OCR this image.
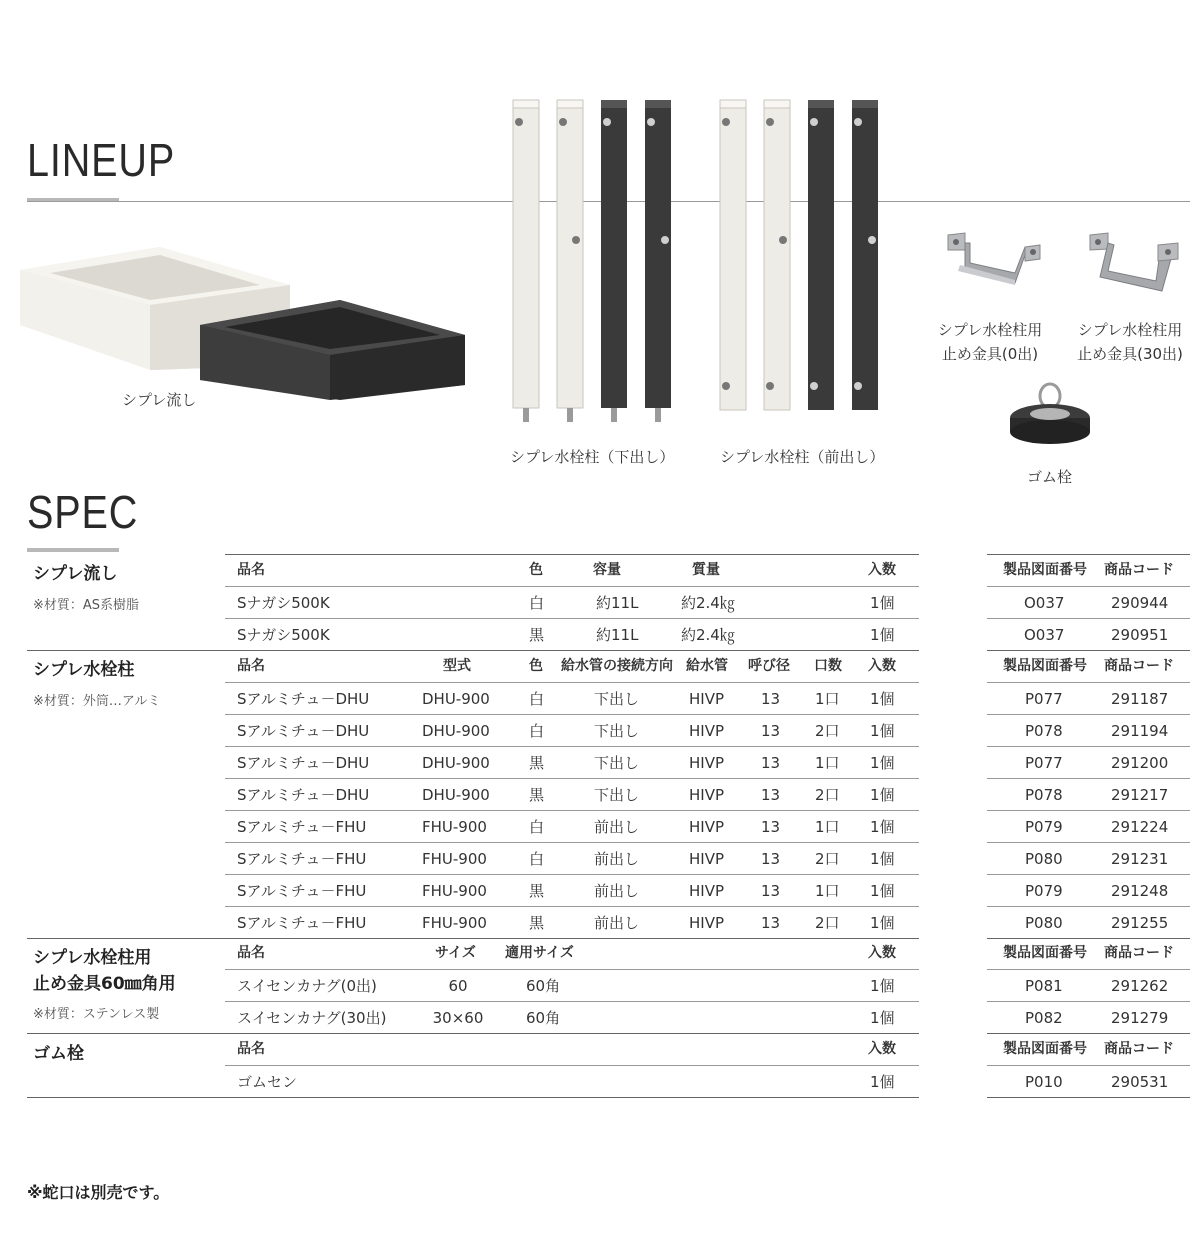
LINEUP
シプレ流し
シプレ水栓柱（下出し）	シプレ水栓柱（前出し）
シプレ水栓柱用
止め金具(0出)
シプレ水栓柱用
止め金具(30出)
ゴム栓
SPEC
シプレ流し
※材質：AS系樹脂
品名	色	容量	質量	入数	製品図面番号 商品コード
Sナガシ500K	白	約11L	約2.4㎏	1個	O037	290944
Sナガシ500K	黒	約11L	約2.4㎏	1個	O037	290951
シプレ水栓柱
※材質：外筒…アルミ
品名	型式	色 給水管の接続方向 給水管 呼び径 口数 入数	製品図面番号 商品コード
Sアルミチュ－DHU	DHU-900	白	下出し	HIVP 13 1口 1個	P077	291187
Sアルミチュ－DHU	DHU-900	白	下出し	HIVP 13 2口 1個	P078	291194
Sアルミチュ－DHU	DHU-900	黒	下出し	HIVP 13 1口 1個	P077	291200
Sアルミチュ－DHU	DHU-900	黒	下出し	HIVP 13 2口 1個	P078	291217
Sアルミチュ－FHU	FHU-900	白	前出し	HIVP 13 1口 1個	P079	291224
Sアルミチュ－FHU	FHU-900	白	前出し	HIVP 13 2口 1個	P080	291231
Sアルミチュ－FHU	FHU-900	黒	前出し	HIVP 13 1口 1個	P079	291248
Sアルミチュ－FHU	FHU-900	黒	前出し	HIVP 13 2口 1個	P080	291255
シプレ水栓柱用
止め金具60㎜角用
※材質：ステンレス製
品名	サイズ 適用サイズ	入数	製品図面番号 商品コード
スイセンカナグ(0出)	60	60角	1個	P081	291262
スイセンカナグ(30出)	30×60	60角	1個	P082	291279
ゴム栓	品名	入数	製品図面番号 商品コード
ゴムセン	1個	P010	290531
※蛇口は別売です。
